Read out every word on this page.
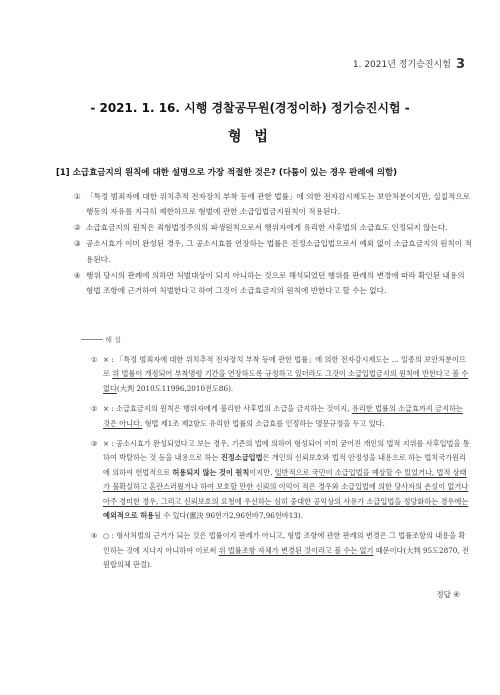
1. 2021년 정기승진시험 3
- 2021. 1. 16. 시행 경찰공무원(경정이하) 정기승진시험 -
형 법
[1] 소급효금지의 원칙에 대한 설명으로 가장 적절한 것은? (다툼이 있는 경우 판례에 의함)
① 「특정 범죄자에 대한 위치추적 전자장치 부착 등에 관한 법률」에 의한 전자감시제도는 보안처분이지만, 실질적으로 행동의 자유를 지극히 제한하므로 형벌에 관한 소급입법금지원칙이 적용된다.
② 소급효금지의 원칙은 죄형법정주의의 파생원칙으로서 행위자에게 유리한 사후법의 소급효도 인정되지 않는다.
③ 공소시효가 이미 완성된 경우, 그 공소시효를 연장하는 법률은 진정소급입법으로서 예외 없이 소급효금지의 원칙이 적용된다.
④ 행위 당시의 판례에 의하면 처벌대상이 되지 아니하는 것으로 해석되었던 행위를 판례의 변경에 따라 확인된 내용의 형법 조항에 근거하여 처벌한다고 하여 그것이 소급효금지의 원칙에 반한다고 할 수는 없다.
해 설
① × : 「특정 범죄자에 대한 위치추적 전자장치 부착 등에 관한 법률」에 의한 전자감시제도는 … 일종의 보안처분이므로 위 법률이 개정되어 부착명령 기간을 연장하도록 규정하고 있더라도 그것이 소급입법금지의 원칙에 반한다고 볼 수 없다(大判 2010도11996,2010전도86).
② × : 소급효금지의 원칙은 행위자에게 불리한 사후법의 소급을 금지하는 것이지, 유리한 법률의 소급효까지 금지하는 것은 아니다. 형법 제1조 제2항도 유리한 법률의 소급효를 인정하는 명문규정을 두고 있다.
③ × : 공소시효가 완성되었다고 보는 경우, 기존의 법에 의하여 형성되어 이미 굳어진 개인의 법적 지위를 사후입법을 통하여 박탈하는 것 등을 내용으로 하는 진정소급입법은 개인의 신뢰보호와 법적 안정성을 내용으로 하는 법치국가원리에 의하여 헌법적으로 허용되지 않는 것이 원칙이지만, 일반적으로 국민이 소급입법을 예상할 수 있었거나, 법적 상태가 불확실하고 혼란스러웠거나 하여 보호할 만한 신뢰의 이익이 적은 경우와 소급입법에 의한 당사자의 손실이 없거나 아주 경미한 경우, 그리고 신뢰보호의 요청에 우선하는 심히 중대한 공익상의 사유가 소급입법을 정당화하는 경우에는 예외적으로 허용될 수 있다(憲決 96헌가2,96헌바7,96헌바13).
④ ○ : 형사처벌의 근거가 되는 것은 법률이지 판례가 아니고, 형법 조항에 관한 판례의 변경은 그 법률조항의 내용을 확인하는 것에 지나지 아니하여 이로써 위 법률조항 자체가 변경된 것이라고 볼 수는 없기 때문이다(大判 95도2870, 전원합의체 판결).
정답 ④
